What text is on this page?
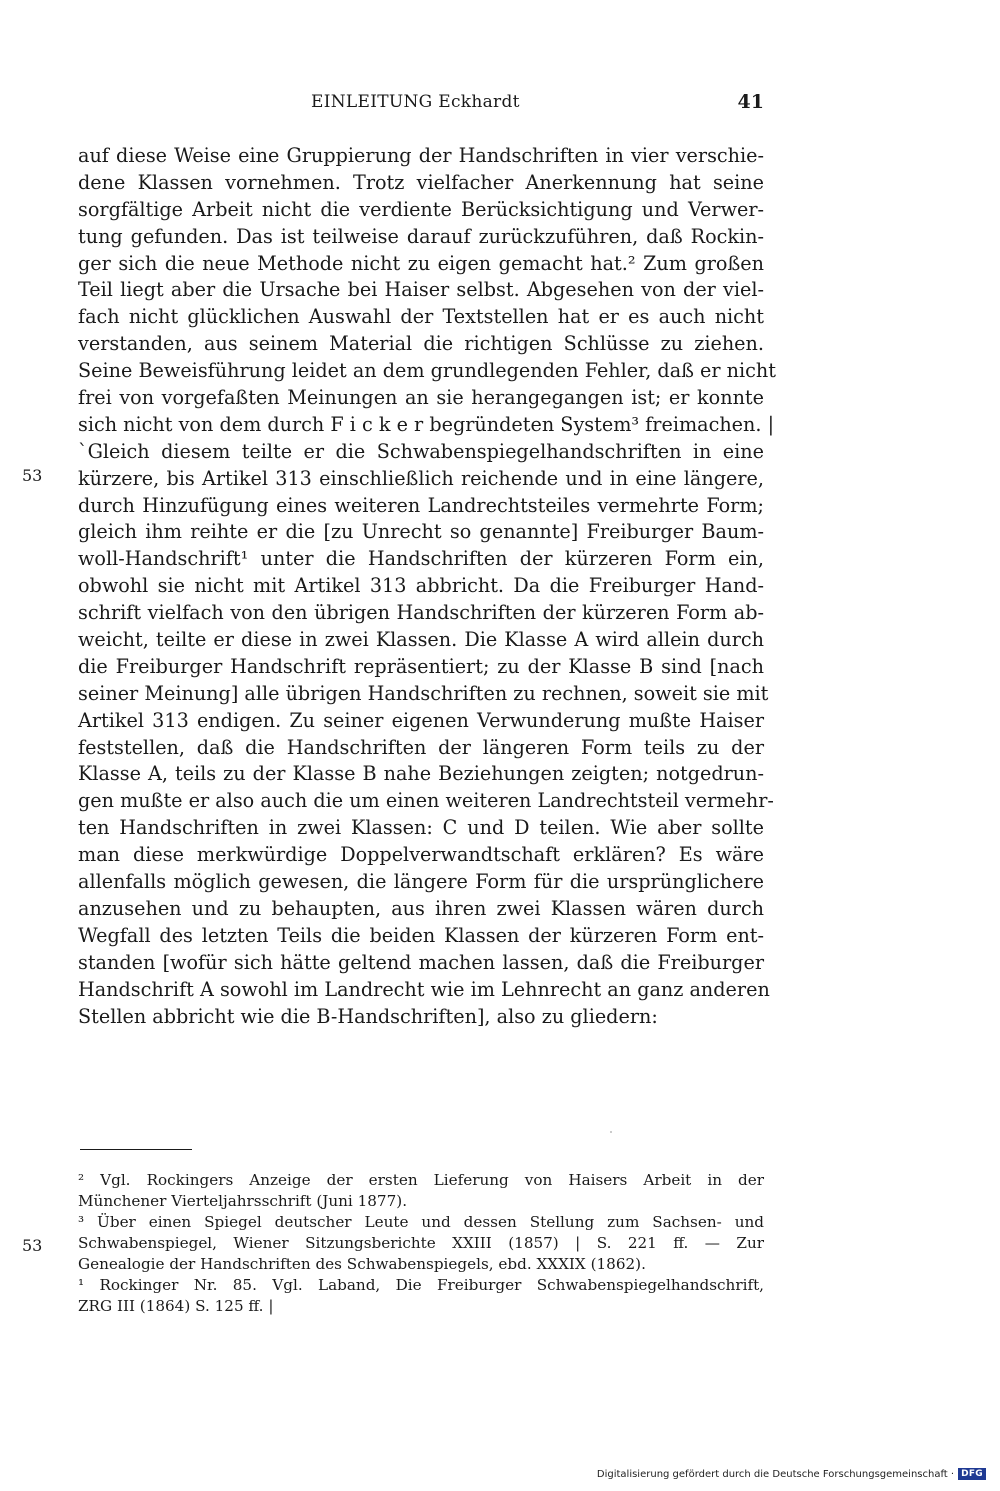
EINLEITUNG Eckhardt	41
auf diese Weise eine Gruppierung der Handschriften in vier verschie-
dene Klassen vornehmen. Trotz vielfacher Anerkennung hat seine
sorgfältige Arbeit nicht die verdiente Berücksichtigung und Verwer-
tung gefunden. Das ist teilweise darauf zurückzuführen, daß Rockin-
ger sich die neue Methode nicht zu eigen gemacht hat.² Zum großen
Teil liegt aber die Ursache bei Haiser selbst. Abgesehen von der viel-
fach nicht glücklichen Auswahl der Textstellen hat er es auch nicht
verstanden, aus seinem Material die richtigen Schlüsse zu ziehen.
Seine Beweisführung leidet an dem grundlegenden Fehler, daß er nicht
frei von vorgefaßten Meinungen an sie herangegangen ist; er konnte
sich nicht von dem durch F i c k e r begründeten System³ freimachen. |
`Gleich diesem teilte er die Schwabenspiegelhandschriften in eine
kürzere, bis Artikel 313 einschließlich reichende und in eine längere,
durch Hinzufügung eines weiteren Landrechtsteiles vermehrte Form;
gleich ihm reihte er die [zu Unrecht so genannte] Freiburger Baum-
woll-Handschrift¹ unter die Handschriften der kürzeren Form ein,
obwohl sie nicht mit Artikel 313 abbricht. Da die Freiburger Hand-
schrift vielfach von den übrigen Handschriften der kürzeren Form ab-
weicht, teilte er diese in zwei Klassen. Die Klasse A wird allein durch
die Freiburger Handschrift repräsentiert; zu der Klasse B sind [nach
seiner Meinung] alle übrigen Handschriften zu rechnen, soweit sie mit
Artikel 313 endigen. Zu seiner eigenen Verwunderung mußte Haiser
feststellen, daß die Handschriften der längeren Form teils zu der
Klasse A, teils zu der Klasse B nahe Beziehungen zeigten; notgedrun-
gen mußte er also auch die um einen weiteren Landrechtsteil vermehr-
ten Handschriften in zwei Klassen: C und D teilen. Wie aber sollte
man diese merkwürdige Doppelverwandtschaft erklären? Es wäre
allenfalls möglich gewesen, die längere Form für die ursprünglichere
anzusehen und zu behaupten, aus ihren zwei Klassen wären durch
Wegfall des letzten Teils die beiden Klassen der kürzeren Form ent-
standen [wofür sich hätte geltend machen lassen, daß die Freiburger
Handschrift A sowohl im Landrecht wie im Lehnrecht an ganz anderen
Stellen abbricht wie die B-Handschriften], also zu gliedern:
53
² Vgl. Rockingers Anzeige der ersten Lieferung von Haisers Arbeit in der
Münchener Vierteljahrsschrift (Juni 1877).
³ Über einen Spiegel deutscher Leute und dessen Stellung zum Sachsen- und
Schwabenspiegel, Wiener Sitzungsberichte XXIII (1857) | S. 221 ff. — Zur
Genealogie der Handschriften des Schwabenspiegels, ebd. XXXIX (1862).
¹ Rockinger Nr. 85. Vgl. Laband, Die Freiburger Schwabenspiegelhandschrift,
ZRG III (1864) S. 125 ff. |
53
Digitalisierung gefördert durch die Deutsche Forschungsgemeinschaft · DFG
